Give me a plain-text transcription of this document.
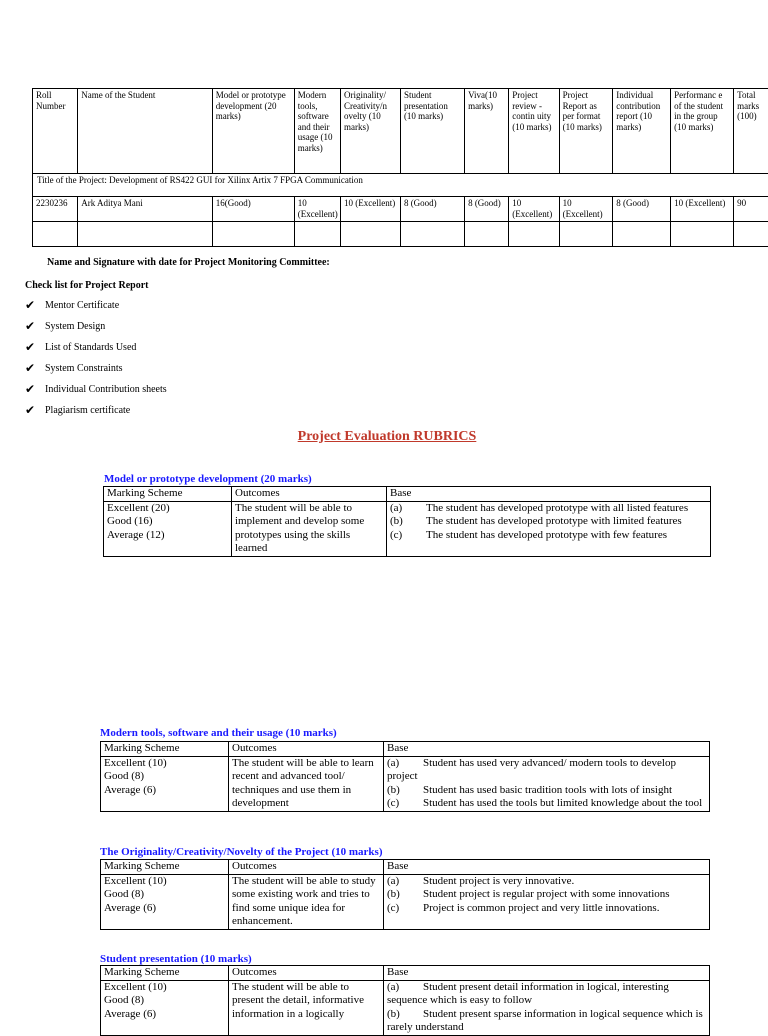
Roll Number	Name of the Student	Model or prototype development (20 marks)	Modern tools, software and their usage (10 marks)	Originality/ Creativity/n ovelty (10 marks)	Student presentation (10 marks)	Viva(10 marks)	Project review -contin uity (10 marks)	Project Report as per format (10 marks)	Individual contribution report (10 marks)	Performanc e of the student in the group (10 marks)	Total marks (100)
Title of the Project: Development of RS422 GUI for Xilinx Artix 7 FPGA Communication											
2230236	Ark Aditya Mani	16(Good)	10 (Excellent)	10 (Excellent)	8 (Good)	8 (Good)	10 (Excellent)	10 (Excellent)	8 (Good)	10 (Excellent)	90

Name and Signature with date for Project Monitoring Committee:
Check list for Project Report
✔ Mentor Certificate
✔ System Design
✔ List of Standards Used
✔ System Constraints
✔ Individual Contribution sheets
✔ Plagiarism certificate
Project Evaluation RUBRICS
Model or prototype development (20 marks)
Marking Scheme	Outcomes	Base

Excellent (20)
Good (16)
Average (12)	The student will be able to implement and develop some prototypes using the skills learned	(a) The student has developed prototype with all listed features
(b) The student has developed prototype with limited features
(c) The student has developed prototype with few features
Modern tools, software and their usage (10 marks)
Marking Scheme	Outcomes	Base

Excellent (10)
Good (8)
Average (6)	The student will be able to learn recent and advanced tool/ techniques and use them in development	(a) Student has used very advanced/ modern tools to develop project
(b) Student has used basic tradition tools with lots of insight
(c) Student has used the tools but limited knowledge about the tool
The Originality/Creativity/Novelty of the Project (10 marks)
Marking Scheme	Outcomes	Base

Excellent (10)
Good (8)
Average (6)	The student will be able to study some existing work and tries to find some unique idea for enhancement.	(a) Student project is very innovative.
(b) Student project is regular project with some innovations
(c) Project is common project and very little innovations.
Student presentation (10 marks)
Marking Scheme	Outcomes	Base

Excellent (10)
Good (8)
Average (6)	The student will be able to present the detail, informative information in a logically	(a) Student present detail information in logical, interesting sequence which is easy to follow
(b) Student present sparse information in logical sequence which is rarely understand
